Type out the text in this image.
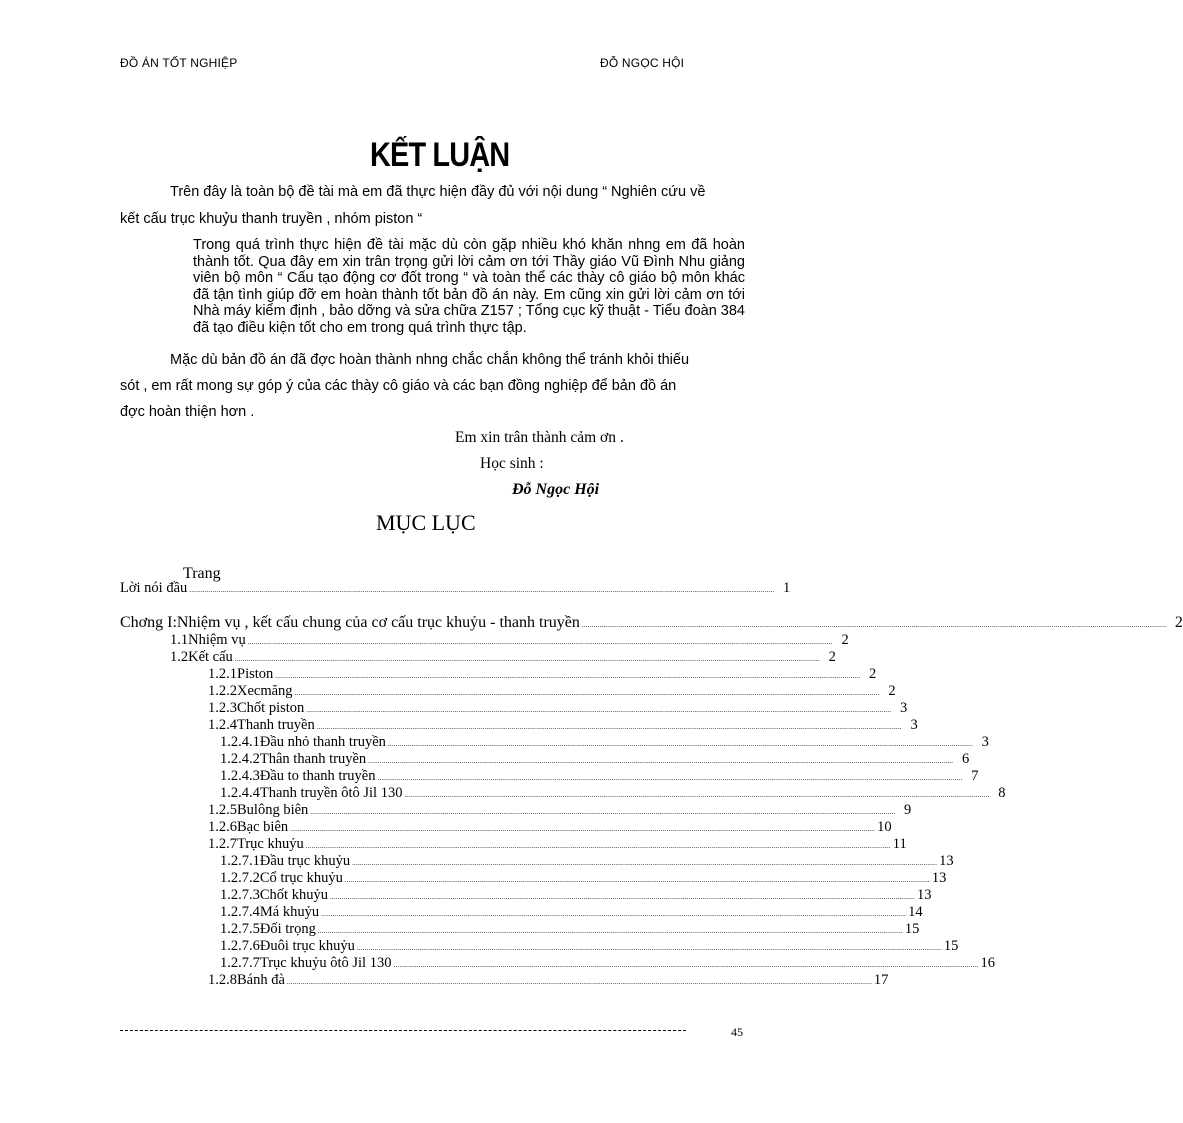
ĐỒ ÁN TỐT NGHIỆP	ĐỖ NGỌC HỘI
KẾT LUẬN
Trên đây là toàn bộ đề tài mà em đã thực hiện đầy đủ với nội dung “ Nghiên cứu về
kết cấu trục khuỷu thanh truyền , nhóm piston “
Trong quá trình thực hiện đề tài mặc dù còn gặp nhiều khó khăn nhng em đã hoàn thành tốt. Qua đây em xin trân trọng gửi lời cảm ơn tới Thầy giáo Vũ Đình Nhu giảng viên bộ môn “ Cấu tạo động cơ đốt trong “ và toàn thể các thày cô giáo bộ môn khác đã tận tình giúp đỡ em hoàn thành tốt bản đồ án này. Em cũng xin gửi lời cảm ơn tới Nhà máy kiểm định , bảo dỡng và sửa chữa Z157 ; Tổng cục kỹ thuật - Tiểu đoàn 384 đã tạo điều kiện tốt cho em trong quá trình thực tập.
Mặc dù bản đồ án đã đợc hoàn thành nhng chắc chắn không thể tránh khỏi thiếu
sót , em rất mong sự góp ý của các thày cô giáo và các bạn đồng nghiệp để bản đồ án
đợc hoàn thiện hơn .
Em xin trân thành cảm ơn .
Học sinh :
Đỗ Ngọc Hội
MỤC LỤC
Trang
Lời nói đầu ............................................................................................................................................................................................................................................................................................................ 1
Chơng I: Nhiệm vụ , kết cấu chung của cơ cấu trục khuỷu - thanh truyền ............................................................................................................................................................................................................................................................................................................ 2
1.1 Nhiệm vụ ............................................................................................................................................................................................................................................................................................................ 2
1.2 Kết cấu ............................................................................................................................................................................................................................................................................................................ 2
1.2.1 Piston ............................................................................................................................................................................................................................................................................................................ 2
1.2.2 Xecmăng ............................................................................................................................................................................................................................................................................................................ 2
1.2.3 Chốt piston ............................................................................................................................................................................................................................................................................................................ 3
1.2.4 Thanh truyền ............................................................................................................................................................................................................................................................................................................ 3
1.2.4.1 Đầu nhỏ thanh truyền ............................................................................................................................................................................................................................................................................................................ 3
1.2.4.2 Thân thanh truyền ............................................................................................................................................................................................................................................................................................................ 6
1.2.4.3 Đầu to thanh truyền ............................................................................................................................................................................................................................................................................................................ 7
1.2.4.4 Thanh truyền ôtô Jil 130 ............................................................................................................................................................................................................................................................................................................ 8
1.2.5 Bulông biên ............................................................................................................................................................................................................................................................................................................ 9
1.2.6 Bạc biên ............................................................................................................................................................................................................................................................................................................ 10
1.2.7 Trục khuỷu ............................................................................................................................................................................................................................................................................................................ 11
1.2.7.1 Đầu trục khuỷu ............................................................................................................................................................................................................................................................................................................ 13
1.2.7.2 Cổ trục khuỷu ............................................................................................................................................................................................................................................................................................................ 13
1.2.7.3 Chốt khuỷu ............................................................................................................................................................................................................................................................................................................ 13
1.2.7.4 Má khuỷu ............................................................................................................................................................................................................................................................................................................ 14
1.2.7.5 Đối trọng ............................................................................................................................................................................................................................................................................................................ 15
1.2.7.6 Đuôi trục khuỷu ............................................................................................................................................................................................................................................................................................................ 15
1.2.7.7 Trục khuỷu ôtô Jil 130 ............................................................................................................................................................................................................................................................................................................ 16
1.2.8 Bánh đà ............................................................................................................................................................................................................................................................................................................ 17
45
